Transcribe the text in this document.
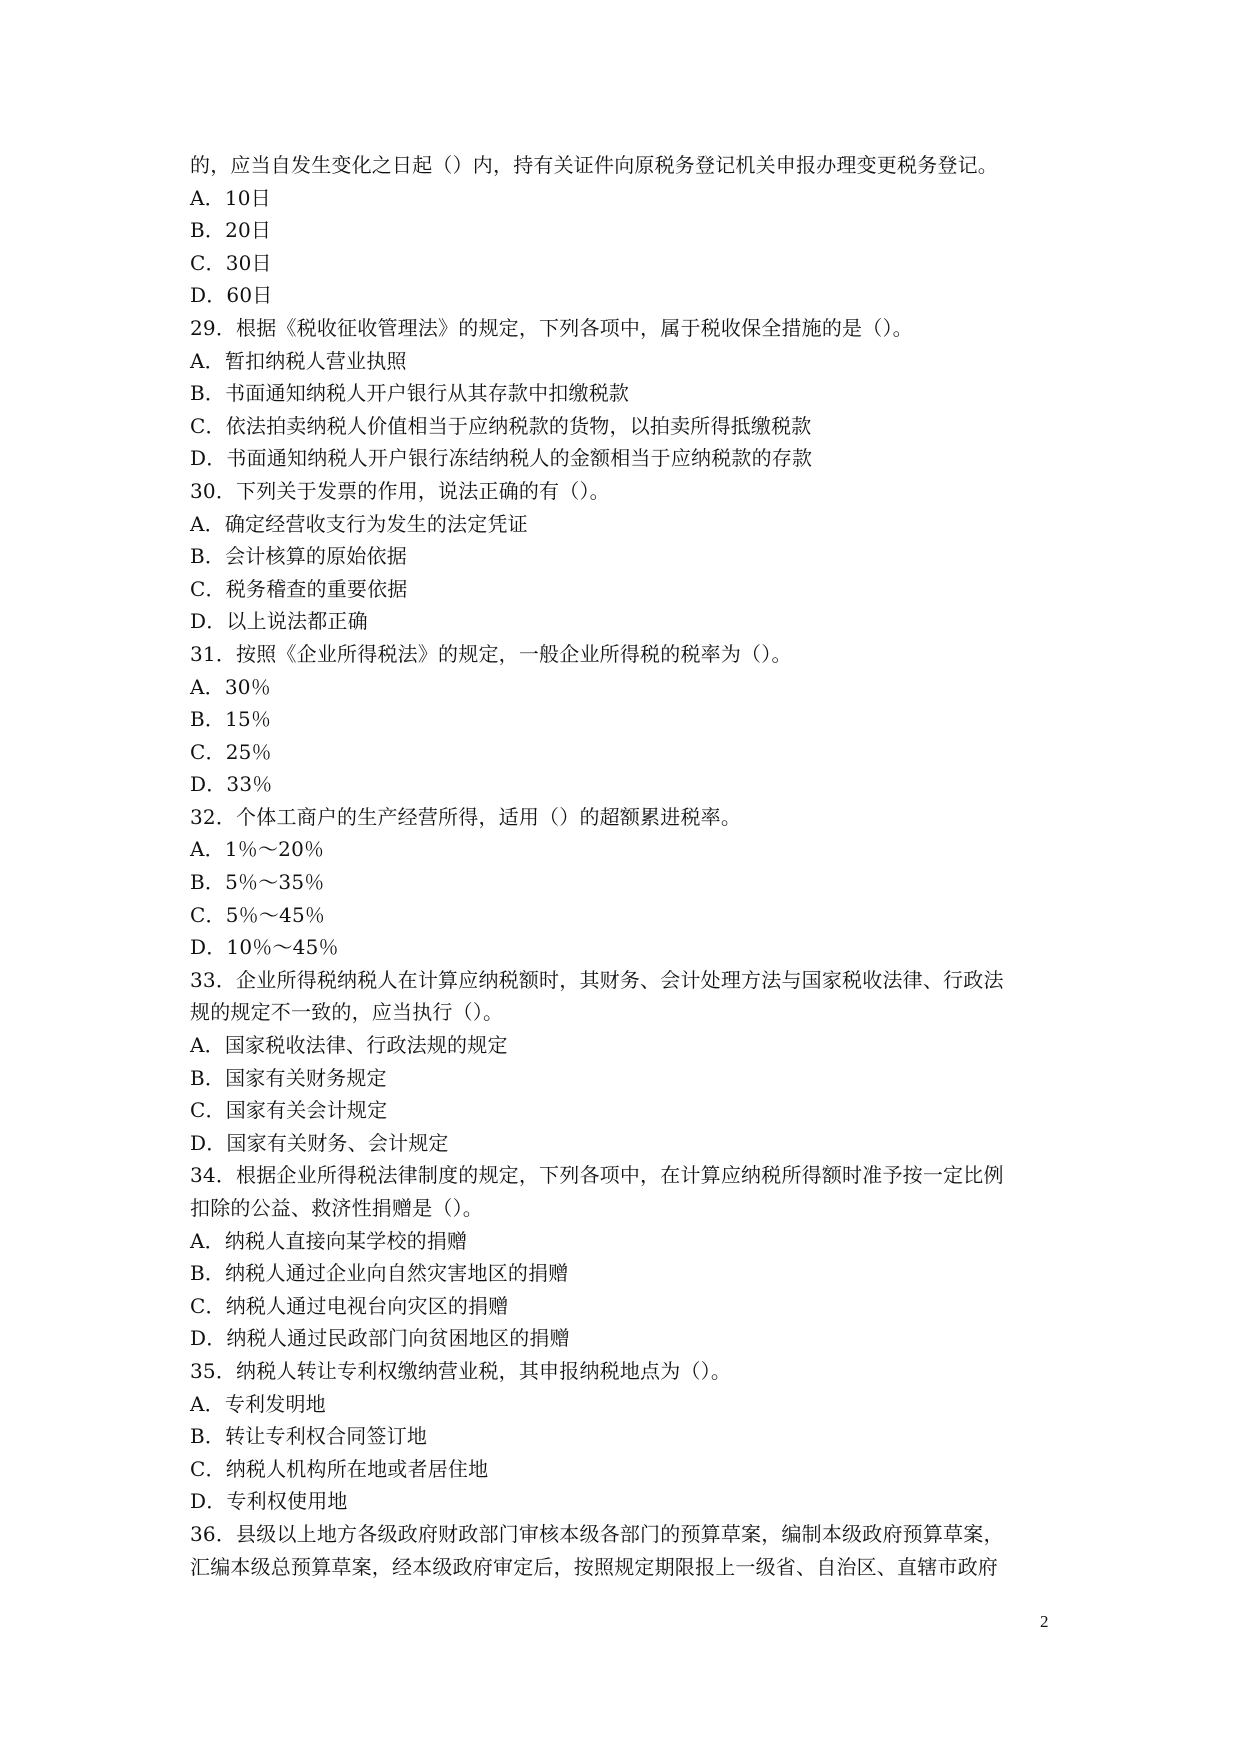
的，应当自发生变化之日起（）内，持有关证件向原税务登记机关申报办理变更税务登记。
A．10日
B．20日
C．30日
D．60日
29．根据《税收征收管理法》的规定，下列各项中，属于税收保全措施的是（）。
A．暂扣纳税人营业执照
B．书面通知纳税人开户银行从其存款中扣缴税款
C．依法拍卖纳税人价值相当于应纳税款的货物，以拍卖所得抵缴税款
D．书面通知纳税人开户银行冻结纳税人的金额相当于应纳税款的存款
30．下列关于发票的作用，说法正确的有（）。
A．确定经营收支行为发生的法定凭证
B．会计核算的原始依据
C．税务稽查的重要依据
D．以上说法都正确
31．按照《企业所得税法》的规定，一般企业所得税的税率为（）。
A．30％
B．15％
C．25％
D．33％
32．个体工商户的生产经营所得，适用（）的超额累进税率。
A．1％～20％
B．5％～35％
C．5％～45％
D．10％～45％
33．企业所得税纳税人在计算应纳税额时，其财务、会计处理方法与国家税收法律、行政法
规的规定不一致的，应当执行（）。
A．国家税收法律、行政法规的规定
B．国家有关财务规定
C．国家有关会计规定
D．国家有关财务、会计规定
34．根据企业所得税法律制度的规定，下列各项中，在计算应纳税所得额时准予按一定比例
扣除的公益、救济性捐赠是（）。
A．纳税人直接向某学校的捐赠
B．纳税人通过企业向自然灾害地区的捐赠
C．纳税人通过电视台向灾区的捐赠
D．纳税人通过民政部门向贫困地区的捐赠
35．纳税人转让专利权缴纳营业税，其申报纳税地点为（）。
A．专利发明地
B．转让专利权合同签订地
C．纳税人机构所在地或者居住地
D．专利权使用地
36．县级以上地方各级政府财政部门审核本级各部门的预算草案，编制本级政府预算草案，
汇编本级总预算草案，经本级政府审定后，按照规定期限报上一级省、自治区、直辖市政府
2
